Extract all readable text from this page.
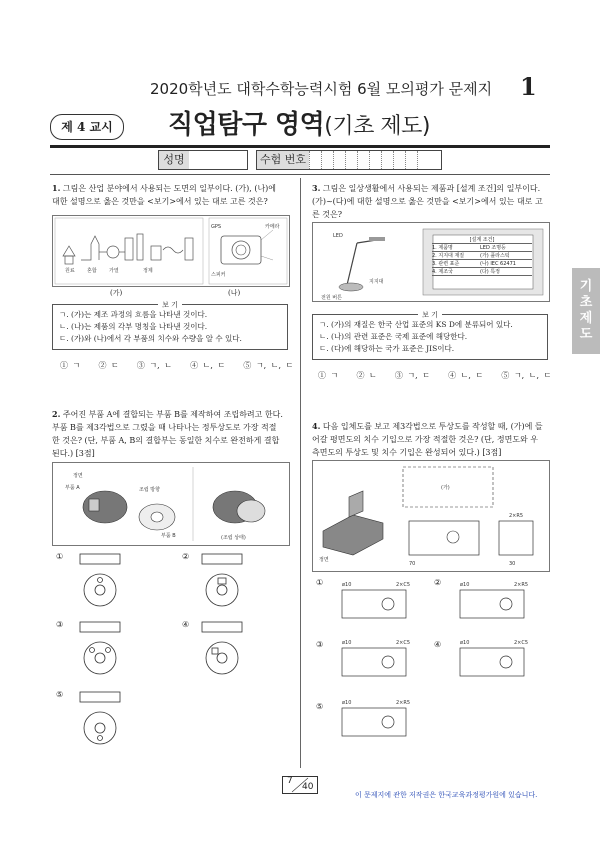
2020학년도 대학수학능력시험 6월 모의평가 문제지 1
제 4 교시	직업탐구 영역(기초 제도)
성명	수험 번호
기
초
제
도
1. 그림은 산업 분야에서 사용되는 도면의 일부이다. (가), (나)에 대한 설명으로 옳은 것만을 <보기>에서 있는 대로 고른 것은?
원료 혼합 가열	정제
GPS	카메라
스피커
(가)	(나)
보 기
ㄱ. (가)는 제조 과정의 흐름을 나타낸 것이다.
ㄴ. (나)는 제품의 각부 명칭을 나타낸 것이다.
ㄷ. (가)와 (나)에서 각 부품의 치수와 수량을 알 수 있다.
① ㄱ    ② ㄷ    ③ ㄱ, ㄴ    ④ ㄴ, ㄷ    ⑤ ㄱ, ㄴ, ㄷ
2. 주어진 부품 A에 결합되는 부품 B를 제작하여 조립하려고 한다. 부품 B를 제3각법으로 그렸을 때 나타나는 정투상도로 가장 적절한 것은? (단, 부품 A, B의 결합부는 동일한 치수로 완전하게 결합된다.) [3점]
정면
부품 A	조립 방향
부품 B	(조립 상태)
①	②
③	④
⑤
3. 그림은 일상생활에서 사용되는 제품과 [설계 조건]의 일부이다. (가)~(다)에 대한 설명으로 옳은 것만을 <보기>에서 있는 대로 고른 것은?
LED
전원 버튼
지지대
[설계 조건]
1. 제품명	LED 조명등
2. 지지대 재질	(가) 플라스틱
3. 관련 표준	(나) IEC 62471
4. 제조국	(다) 특정
보 기
ㄱ. (가)의 재질은 한국 산업 표준의 KS D에 분류되어 있다.
ㄴ. (나)의 관련 표준은 국제 표준에 해당한다.
ㄷ. (다)에 해당하는 국가 표준은 JIS이다.
① ㄱ    ② ㄴ    ③ ㄱ, ㄷ    ④ ㄴ, ㄷ    ⑤ ㄱ, ㄴ, ㄷ
4. 다음 입체도를 보고 제3각법으로 투상도를 작성할 때, (가)에 들어갈 평면도의 치수 기입으로 가장 적절한 것은? (단, 정면도와 우측면도의 투상도 및 치수 기입은 완성되어 있다.) [3점]
정면
(가)
70	30
2×R5
ø10	2×C5	ø10	2×R5
ø10	2×C5	ø10	2×C5
ø10	2×R5
①	②
③	④
⑤
7
40
이 문제지에 관한 저작권은 한국교육과정평가원에 있습니다.
